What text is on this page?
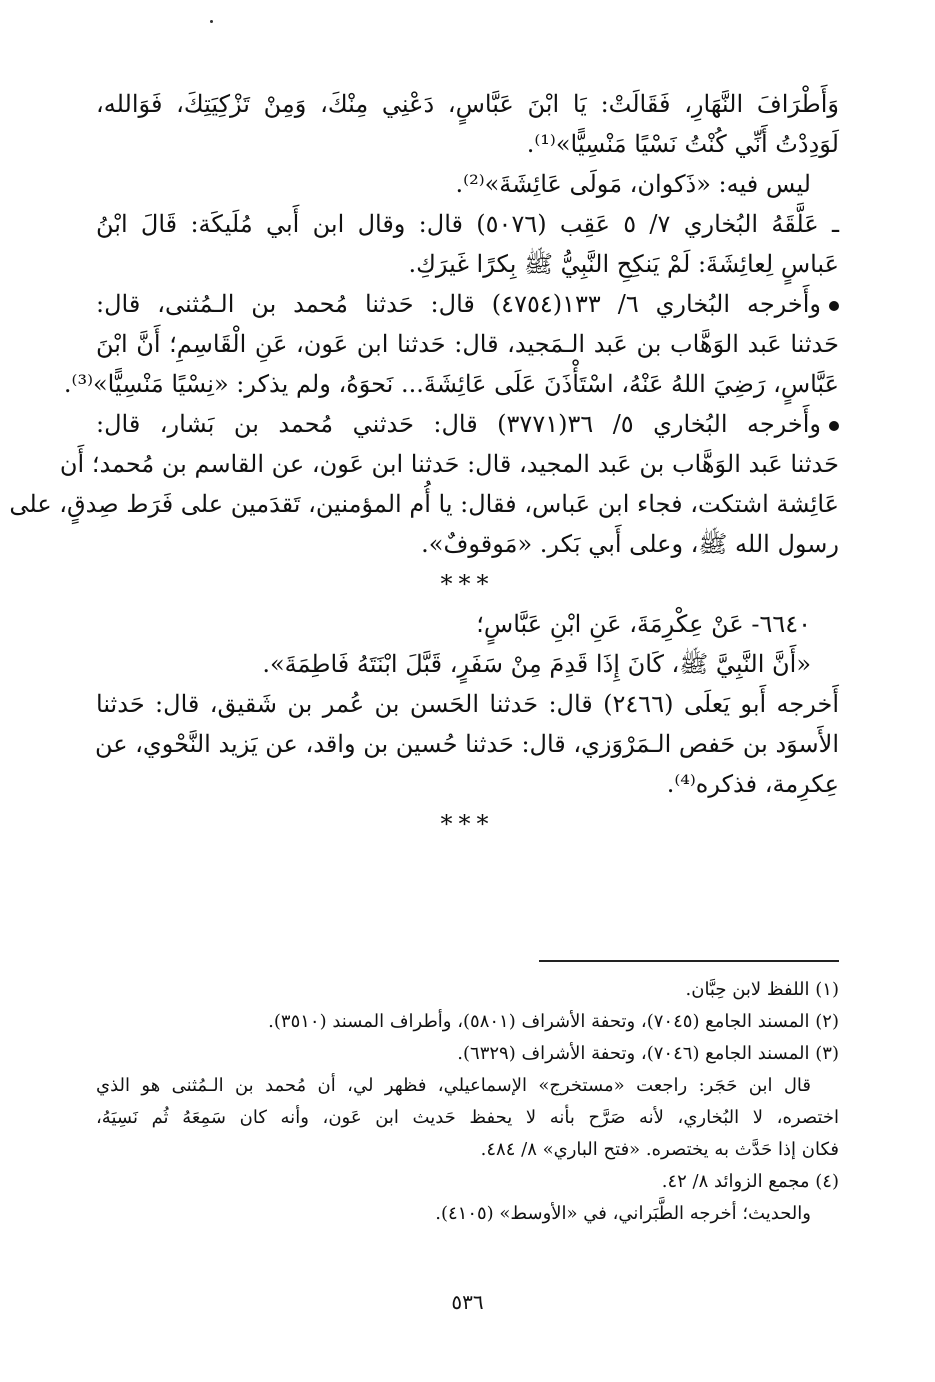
وَأَطْرَافَ النَّهَارِ، فَقَالَتْ: يَا ابْنَ عَبَّاسٍ، دَعْنِي مِنْكَ، وَمِنْ تَزْكِيَتِكَ، فَوَالله،
لَوَدِدْتُ أَنِّي كُنْتُ نَسْيًا مَنْسِيًّا»⁽¹⁾.
ليس فيه: «ذَكوان، مَولَى عَائِشَةَ»⁽²⁾.
ـ عَلَّقَهُ البُخاري ٧/ ٥ عَقِب (٥٠٧٦) قال: وقال ابن أَبي مُلَيكَة: قَالَ ابْنُ
عَباسٍ لِعائِشَةَ: لَمْ يَنكِحِ النَّبِيُّ ﷺ بِكرًا غَيرَكِ.
وأَخرجه البُخاري ٦/ ١٣٣(٤٧٥٤) قال: حَدثنا مُحمد بن الـمُثنى، قال:
حَدثنا عَبد الوَهَّاب بن عَبد الـمَجيد، قال: حَدثنا ابن عَون، عَنِ الْقَاسِمِ؛ أَنَّ ابْنَ
عَبَّاسٍ، رَضِيَ اللهُ عَنْهُ، اسْتَأْذَنَ عَلَى عَائِشَةَ... نَحوَهُ، ولم يذكر: «نِسْيًا مَنْسِيًّا»⁽³⁾.
وأَخرجه البُخاري ٥/ ٣٦(٣٧٧١) قال: حَدثني مُحمد بن بَشار، قال:
حَدثنا عَبد الوَهَّاب بن عَبد المجيد، قال: حَدثنا ابن عَون، عن القاسم بن مُحمد؛ أَن
عَائِشة اشتكت، فجاء ابن عَباس، فقال: يا أُم المؤمنين، تَقدَمين على فَرَط صِدقٍ، على
رسول الله ﷺ، وعلى أَبي بَكر. «مَوقوفٌ».
***
٦٦٤٠- عَنْ عِكْرِمَةَ، عَنِ ابْنِ عَبَّاسٍ؛
«أَنَّ النَّبِيَّ ﷺ، كَانَ إِذَا قَدِمَ مِنْ سَفَرٍ، قَبَّلَ ابْنَتَهُ فَاطِمَةَ».
أَخرجه أَبو يَعلَى (٢٤٦٦) قال: حَدثنا الحَسن بن عُمر بن شَقيق، قال: حَدثنا
الأَسوَد بن حَفص الـمَرْوَزي، قال: حَدثنا حُسين بن واقد، عن يَزيد النَّحْوي، عن
عِكرِمة، فذكره⁽⁴⁾.
***
(١) اللفظ لابن حِبَّان.
(٢) المسند الجامع (٧٠٤٥)، وتحفة الأشراف (٥٨٠١)، وأطراف المسند (٣٥١٠).
(٣) المسند الجامع (٧٠٤٦)، وتحفة الأشراف (٦٣٢٩).
قال ابن حَجَر: راجعت «مستخرج» الإسماعيلي، فظهر لي، أن مُحمد بن الـمُثنى هو الذي
اختصره، لا البُخاري، لأنه صَرَّح بأنه لا يحفظ حَديث ابن عَون، وأنه كان سَمِعَهُ ثُم نَسِيَهُ،
فكان إذا حَدَّث به يختصره. «فتح الباري» ٨/ ٤٨٤.
(٤) مجمع الزوائد ٨/ ٤٢.
والحديث؛ أخرجه الطَّبَراني، في «الأوسط» (٤١٠٥).
٥٣٦
